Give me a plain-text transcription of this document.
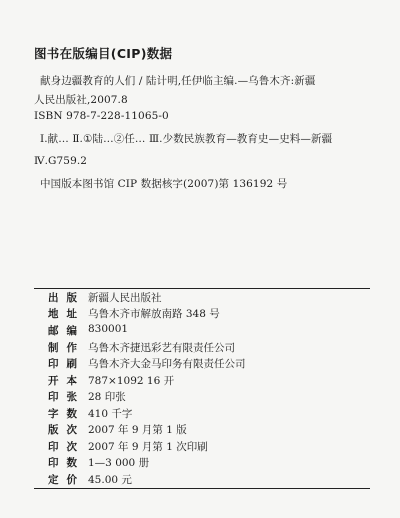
图书在版编目(CIP)数据
献身边疆教育的人们 / 陆计明,任伊临主编.—乌鲁木齐:新疆
人民出版社,2007.8
ISBN 978-7-228-11065-0
Ⅰ.献… Ⅱ.①陆…②任… Ⅲ.少数民族教育—教育史—史料—新疆
Ⅳ.G759.2
中国版本图书馆 CIP 数据核字(2007)第 136192 号
出版 新疆人民出版社
地址 乌鲁木齐市解放南路 348 号
邮编 830001
制作 乌鲁木齐捷迅彩艺有限责任公司
印刷 乌鲁木齐大金马印务有限责任公司
开本 787×1092 16 开
印张 28 印张
字数 410 千字
版次 2007 年 9 月第 1 版
印次 2007 年 9 月第 1 次印刷
印数 1—3 000 册
定价 45.00 元
